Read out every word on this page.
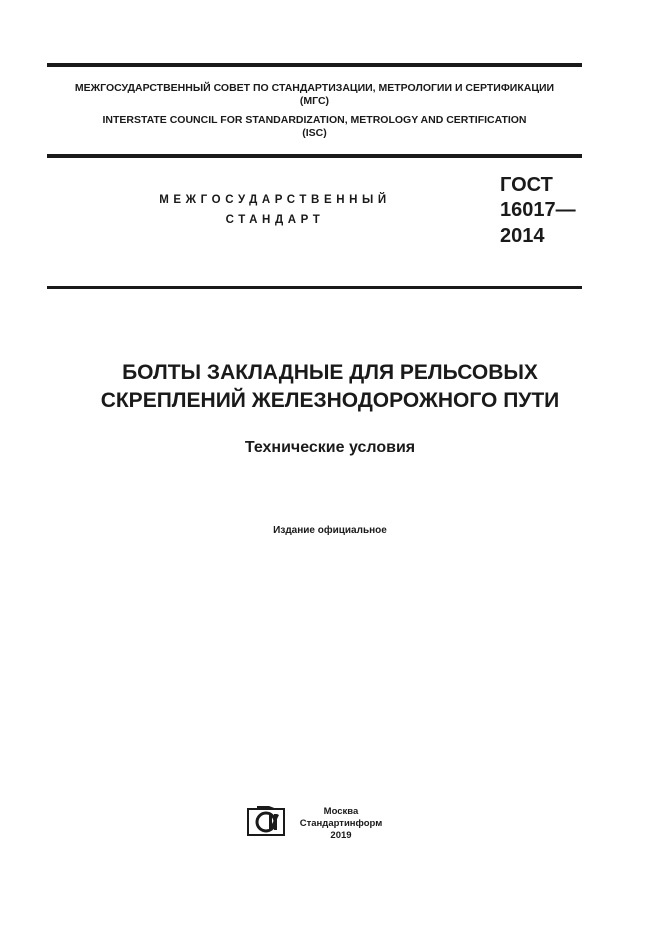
МЕЖГОСУДАРСТВЕННЫЙ СОВЕТ ПО СТАНДАРТИЗАЦИИ, МЕТРОЛОГИИ И СЕРТИФИКАЦИИ
(МГС)
INTERSTATE COUNCIL FOR STANDARDIZATION, METROLOGY AND CERTIFICATION
(ISC)
МЕЖГОСУДАРСТВЕННЫЙ
СТАНДАРТ
ГОСТ
16017—
2014
БОЛТЫ ЗАКЛАДНЫЕ ДЛЯ РЕЛЬСОВЫХ
СКРЕПЛЕНИЙ ЖЕЛЕЗНОДОРОЖНОГО ПУТИ
Технические условия
Издание официальное
Москва
Стандартинформ
2019
